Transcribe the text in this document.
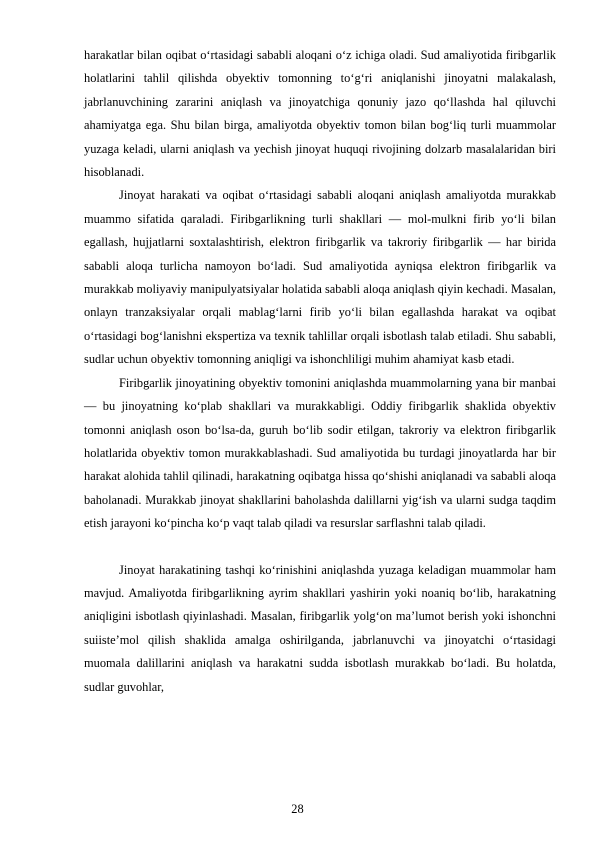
harakatlar bilan oqibat o‘rtasidagi sababli aloqani o‘z ichiga oladi. Sud amaliyotida firibgarlik holatlarini tahlil qilishda obyektiv tomonning to‘g‘ri aniqlanishi jinoyatni malakalash, jabrlanuvchining zararini aniqlash va jinoyatchiga qonuniy jazo qo‘llashda hal qiluvchi ahamiyatga ega. Shu bilan birga, amaliyotda obyektiv tomon bilan bog‘liq turli muammolar yuzaga keladi, ularni aniqlash va yechish jinoyat huquqi rivojining dolzarb masalalaridan biri hisoblanadi.

Jinoyat harakati va oqibat o‘rtasidagi sababli aloqani aniqlash amaliyotda murakkab muammo sifatida qaraladi. Firibgarlikning turli shakllari — mol-mulkni firib yo‘li bilan egallash, hujjatlarni soxtalashtirish, elektron firibgarlik va takroriy firibgarlik — har birida sababli aloqa turlicha namoyon bo‘ladi. Sud amaliyotida ayniqsa elektron firibgarlik va murakkab moliyaviy manipulyatsiyalar holatida sababli aloqa aniqlash qiyin kechadi. Masalan, onlayn tranzaksiyalar orqali mablag‘larni firib yo‘li bilan egallashda harakat va oqibat o‘rtasidagi bog‘lanishni ekspertiza va texnik tahlillar orqali isbotlash talab etiladi. Shu sababli, sudlar uchun obyektiv tomonning aniqligi va ishonchliligi muhim ahamiyat kasb etadi.

Firibgarlik jinoyatining obyektiv tomonini aniqlashda muammolarning yana bir manbai — bu jinoyatning ko‘plab shakllari va murakkabligi. Oddiy firibgarlik shaklida obyektiv tomonni aniqlash oson bo‘lsa-da, guruh bo‘lib sodir etilgan, takroriy va elektron firibgarlik holatlarida obyektiv tomon murakkablashadi. Sud amaliyotida bu turdagi jinoyatlarda har bir harakat alohida tahlil qilinadi, harakatning oqibatga hissa qo‘shishi aniqlanadi va sababli aloqa baholanadi. Murakkab jinoyat shakllarini baholashda dalillarni yig‘ish va ularni sudga taqdim etish jarayoni ko‘pincha ko‘p vaqt talab qiladi va resurslar sarflashni talab qiladi.

Jinoyat harakatining tashqi ko‘rinishini aniqlashda yuzaga keladigan muammolar ham mavjud. Amaliyotda firibgarlikning ayrim shakllari yashirin yoki noaniq bo‘lib, harakatning aniqligini isbotlash qiyinlashadi. Masalan, firibgarlik yolg‘on ma’lumot berish yoki ishonchni suiiste’mol qilish shaklida amalga oshirilganda, jabrlanuvchi va jinoyatchi o‘rtasidagi muomala dalillarini aniqlash va harakatni sudda isbotlash murakkab bo‘ladi. Bu holatda, sudlar guvohlar,

28
